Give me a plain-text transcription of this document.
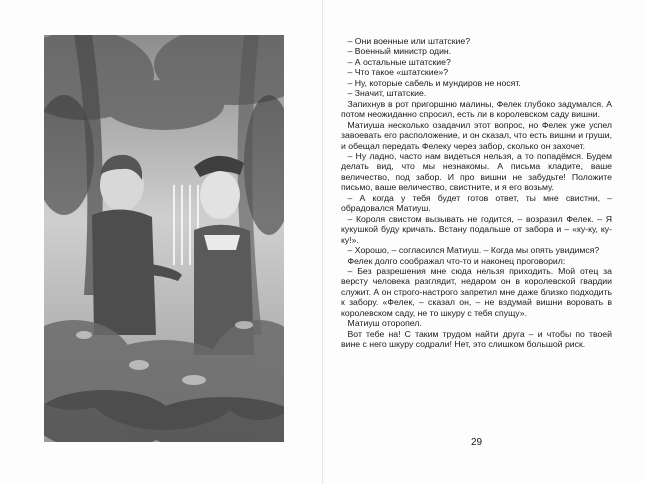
– Они военные или штатские?

– Военный министр один.

– А остальные штатские?

– Что такое «штатские»?

– Ну, которые сабель и мундиров не носят.

– Значит, штатские.

Запихнув в рот пригоршню малины, Фелек глубоко задумался. А потом неожиданно спросил, есть ли в королевском саду вишни.

Матиуша несколько озадачил этот вопрос, но Фелек уже успел завоевать его расположение, и он сказал, что есть вишни и груши, и обещал передать Фелеку через забор, сколько он захочет.

– Ну ладно, часто нам видеться нельзя, а то попадёмся. Будем делать вид, что мы незнакомы. А письма кладите, ваше величество, под забор. И про вишни не забудьте! Положите письмо, ваше величество, свистните, и я его возьму.

– А когда у тебя будет готов ответ, ты мне свистни, – обрадовался Матиуш.

– Короля свистом вызывать не годится, – возразил Фелек. – Я кукушкой буду кричать. Встану подальше от забора и – «ку-ку, ку-ку!».

– Хорошо, – согласился Матиуш. – Когда мы опять увидимся?

Фелек долго соображал что-то и наконец проговорил:

– Без разрешения мне сюда нельзя приходить. Мой отец за версту человека разглядит, недаром он в королевской гвардии служит. А он строго-настрого запретил мне даже близко подходить к забору. «Фелек, – сказал он, – не вздумай вишни воровать в королевском саду, не то шкуру с тебя спущу».

Матиуш оторопел.

Вот тебе на! С таким трудом найти друга – и чтобы по твоей вине с него шкуру содрали! Нет, это слишком большой риск.

29
